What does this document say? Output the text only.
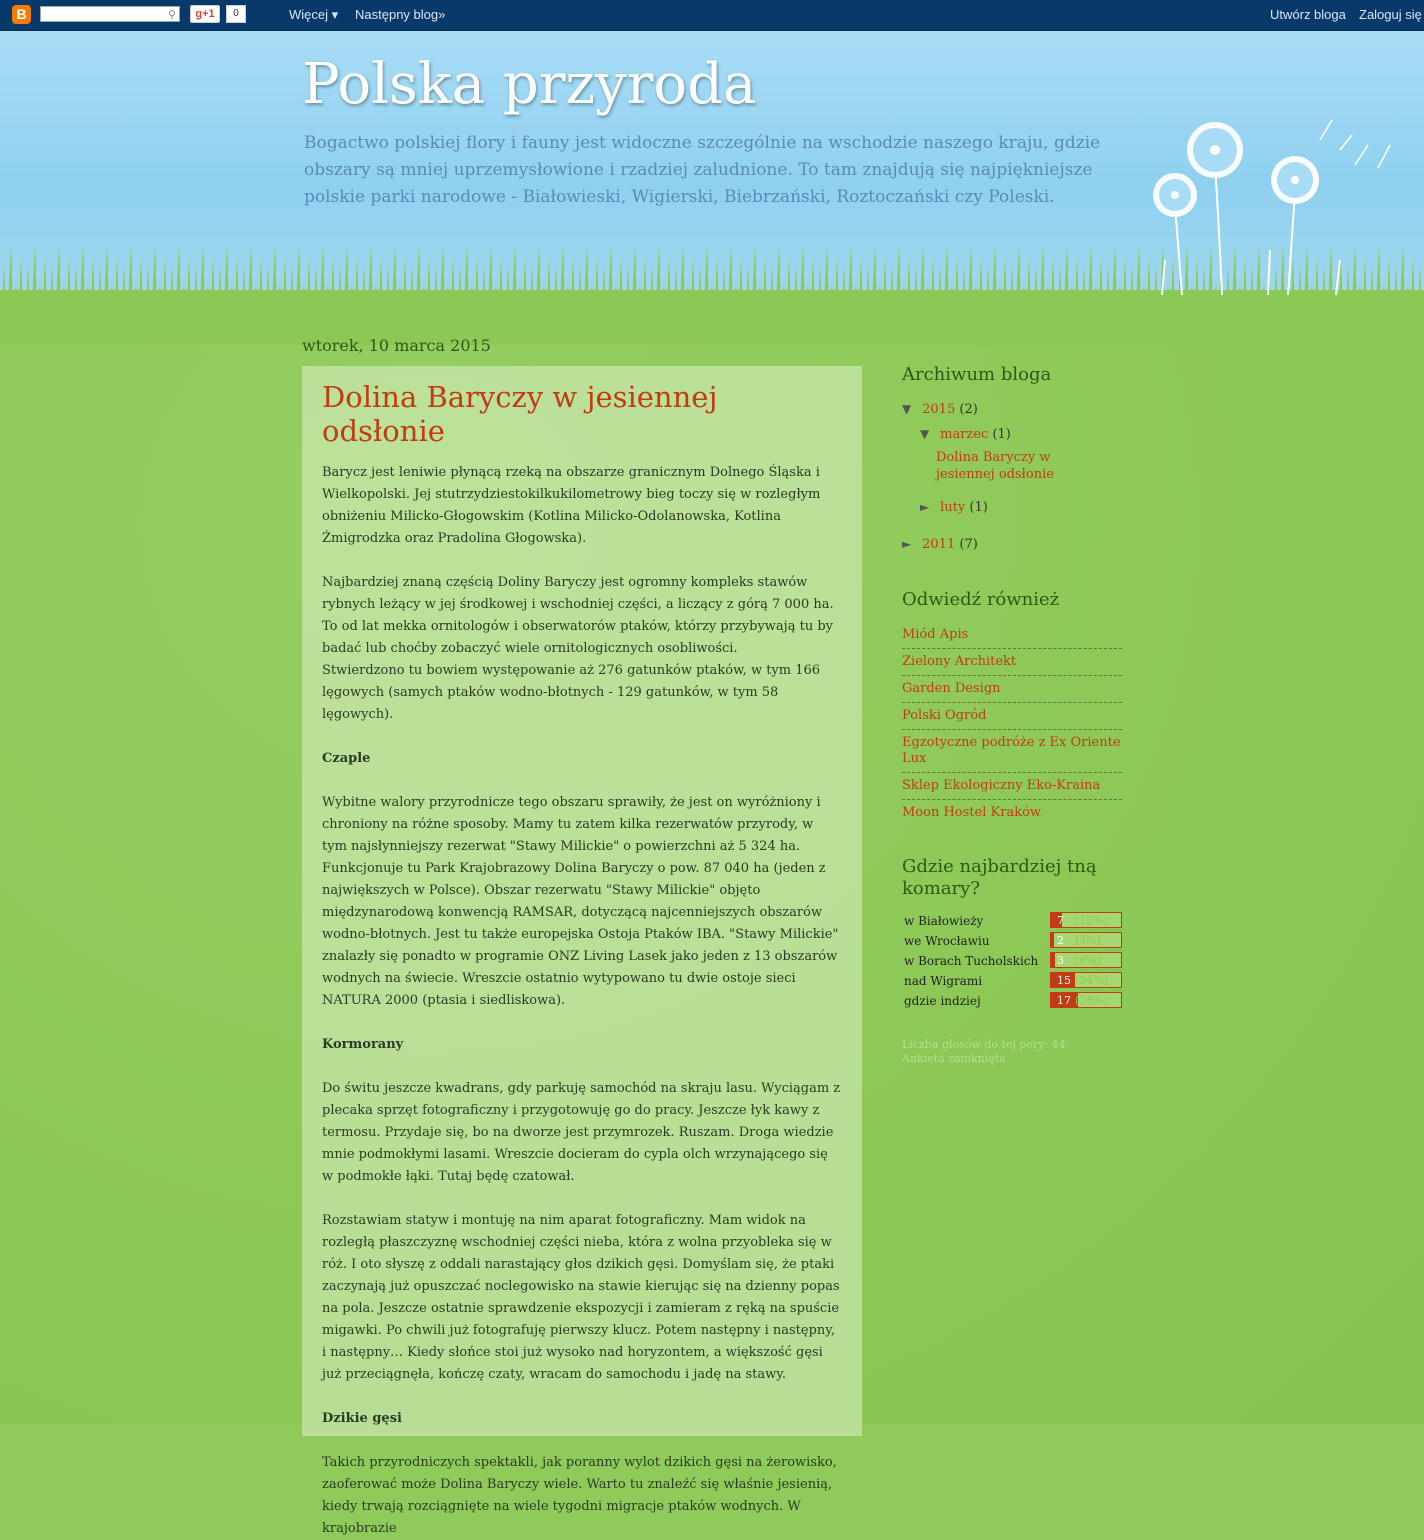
B	⚲	g+1	0	Więcej ▾ Następny blog»	Utwórz bloga Zaloguj się
Polska przyroda

Bogactwo polskiej flory i fauny jest widoczne szczególnie na wschodzie naszego kraju, gdzie obszary są mniej uprzemysłowione i rzadziej zaludnione. To tam znajdują się najpiękniejsze polskie parki narodowe - Białowieski, Wigierski, Biebrzański, Roztoczański czy Poleski.

wtorek, 10 marca 2015
Dolina Baryczy w jesiennej odsłonie

Barycz jest leniwie płynącą rzeką na obszarze granicznym Dolnego Śląska i Wielkopolski. Jej stutrzydziestokilkukilometrowy bieg toczy się w rozległym obniżeniu Milicko-Głogowskim (Kotlina Milicko-Odolanowska, Kotlina Żmigrodzka oraz Pradolina Głogowska).

Najbardziej znaną częścią Doliny Baryczy jest ogromny kompleks stawów rybnych leżący w jej środkowej i wschodniej części, a liczący z górą 7 000 ha. To od lat mekka ornitologów i obserwatorów ptaków, którzy przybywają tu by badać lub choćby zobaczyć wiele ornitologicznych osobliwości.

Stwierdzono tu bowiem występowanie aż 276 gatunków ptaków, w tym 166 lęgowych (samych ptaków wodno-błotnych - 129 gatunków, w tym 58 lęgowych).

Czaple

Wybitne walory przyrodnicze tego obszaru sprawiły, że jest on wyróżniony i chroniony na różne sposoby. Mamy tu zatem kilka rezerwatów przyrody, w tym najsłynniejszy rezerwat "Stawy Milickie" o powierzchni aż 5 324 ha. Funkcjonuje tu Park Krajobrazowy Dolina Baryczy o pow. 87 040 ha (jeden z największych w Polsce). Obszar rezerwatu "Stawy Milickie" objęto międzynarodową konwencją RAMSAR, dotyczącą najcenniejszych obszarów wodno-błotnych. Jest tu także europejska Ostoja Ptaków IBA. "Stawy Milickie" znalazły się ponadto w programie ONZ Living Lasek jako jeden z 13 obszarów wodnych na świecie. Wreszcie ostatnio wytypowano tu dwie ostoje sieci NATURA 2000 (ptasia i siedliskowa).

Kormorany

Do świtu jeszcze kwadrans, gdy parkuję samochód na skraju lasu. Wyciągam z plecaka sprzęt fotograficzny i przygotowuję go do pracy. Jeszcze łyk kawy z termosu. Przydaje się, bo na dworze jest przymrozek. Ruszam. Droga wiedzie mnie podmokłymi lasami. Wreszcie docieram do cypla olch wrzynającego się w podmokłe łąki. Tutaj będę czatował.

Rozstawiam statyw i montuję na nim aparat fotograficzny. Mam widok na rozległą płaszczyznę wschodniej części nieba, która z wolna przyobleka się w róż. I oto słyszę z oddali narastający głos dzikich gęsi. Domyślam się, że ptaki zaczynają już opuszczać noclegowisko na stawie kierując się na dzienny popas na pola. Jeszcze ostatnie sprawdzenie ekspozycji i zamieram z ręką na spuście migawki. Po chwili już fotografuję pierwszy klucz. Potem następny i następny, i następny… Kiedy słońce stoi już wysoko nad horyzontem, a większość gęsi już przeciągnęła, kończę czaty, wracam do samochodu i jadę na stawy.

Dzikie gęsi

Takich przyrodniczych spektakli, jak poranny wylot dzikich gęsi na żerowisko, zaoferować może Dolina Baryczy wiele. Warto tu znaleźć się właśnie jesienią, kiedy trwają rozciągnięte na wiele tygodni migracje ptaków wodnych. W krajobrazie

Archiwum bloga
▼ 2015 (2)
▼ marzec (1)
Dolina Baryczy w jesiennej odsłonie
► luty (1)
► 2011 (7)
Odwiedź również
Miód Apis
Zielony Architekt
Garden Design
Polski Ogród
Egzotyczne podróże z Ex Oriente Lux
Sklep Ekologiczny Eko-Kraina
Moon Hostel Kraków
Gdzie najbardziej tną komary?
w Białowieży	7 (15%)
we Wrocławiu	2 (4%)
w Borach Tucholskich 3 (6%)
nad Wigrami	15 (34%)
gdzie indziej	17 (38%)
Liczba głosów do tej pory: 44
Ankieta zamknięta
